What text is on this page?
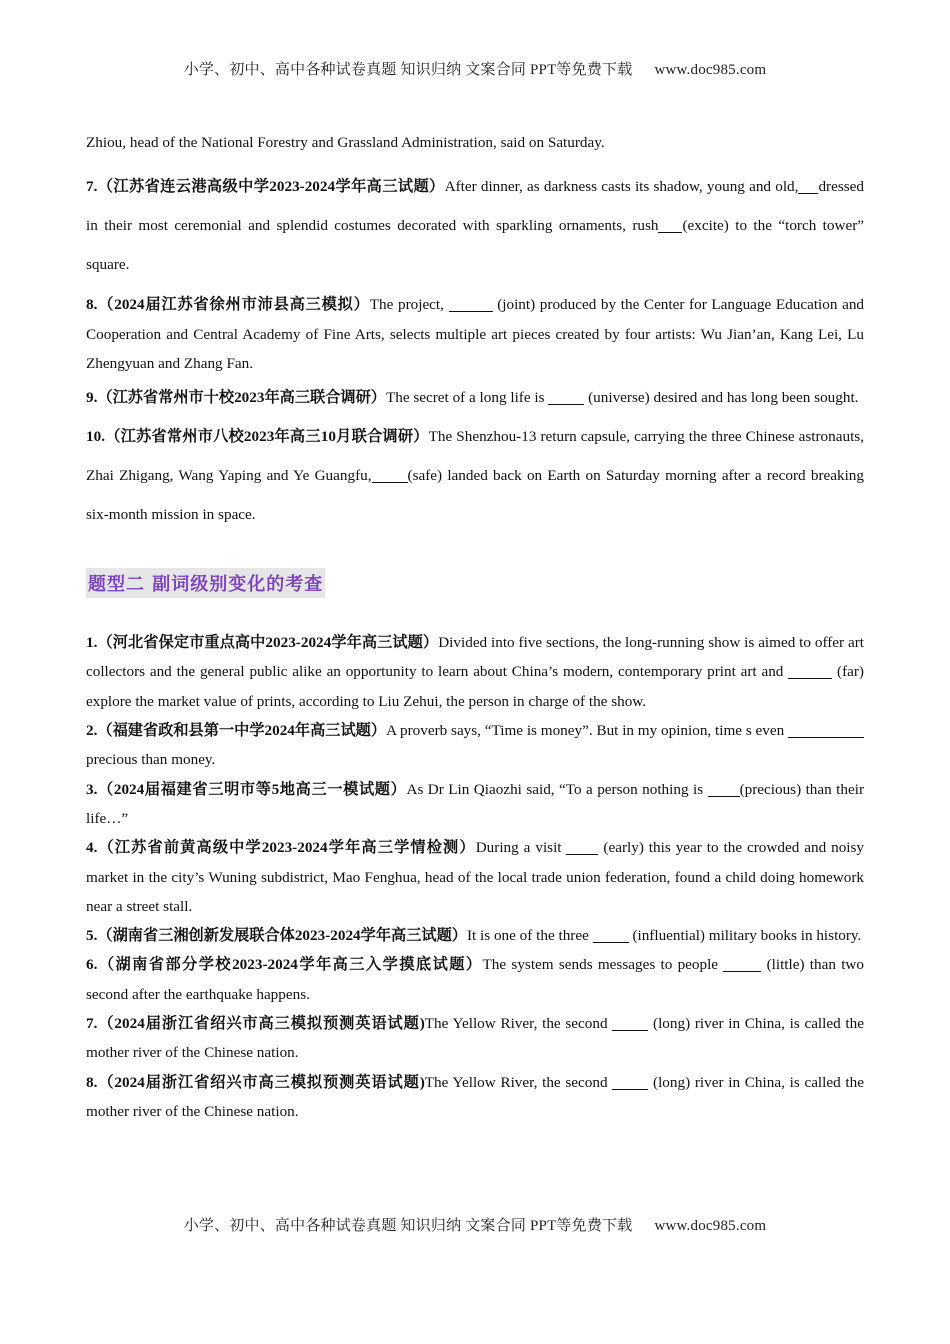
小学、初中、高中各种试卷真题 知识归纳 文案合同 PPT等免费下载 www.doc985.com

Zhiou, head of the National Forestry and Grassland Administration, said on Saturday.

7.（江苏省连云港高级中学2023-2024学年高三试题）After dinner, as darkness casts its shadow, young and old, dressed in their most ceremonial and splendid costumes decorated with sparkling ornaments, rush (excite) to the “torch tower” square.

8.（2024届江苏省徐州市沛县高三模拟）The project,	(joint) produced by the Center for Language Education and Cooperation and Central Academy of Fine Arts, selects multiple art pieces created by four artists: Wu Jian’an, Kang Lei, Lu Zhengyuan and Zhang Fan.

9.（江苏省常州市十校2023年高三联合调研）The secret of a long life is  (universe) desired and has long been sought.

10.（江苏省常州市八校2023年高三10月联合调研）The Shenzhou-13 return capsule, carrying the three Chinese astronauts, Zhai Zhigang, Wang Yaping and Ye Guangfu, (safe) landed back on Earth on Saturday morning after a record breaking six-month mission in space.

题型二 副词级别变化的考查

1.（河北省保定市重点高中2023-2024学年高三试题）Divided into five sections, the long-running show is aimed to offer art collectors and the general public alike an opportunity to learn about China’s modern, contemporary print art and	(far) explore the market value of prints, according to Liu Zehui, the person in charge of the show.

2.（福建省政和县第一中学2024年高三试题）A proverb says, “Time is money”. But in my opinion, time s even precious than money.

3.（2024届福建省三明市等5地高三一模试题）As Dr Lin Qiaozhi said, “To a person nothing is (precious) than their life…”

4.（江苏省前黄高级中学2023-2024学年高三学情检测）During a visit  (early) this year to the crowded and noisy market in the city’s Wuning subdistrict, Mao Fenghua, head of the local trade union federation, found a child doing homework near a street stall.

5.（湖南省三湘创新发展联合体2023-2024学年高三试题）It is one of the three  (influential) military books in history.

6.（湖南省部分学校2023-2024学年高三入学摸底试题）The system sends messages to people	(little) than two second after the earthquake happens.

7.（2024届浙江省绍兴市高三模拟预测英语试题)The Yellow River, the second  (long) river in China, is called the mother river of the Chinese nation.

8.（2024届浙江省绍兴市高三模拟预测英语试题)The Yellow River, the second  (long) river in China, is called the mother river of the Chinese nation.

小学、初中、高中各种试卷真题 知识归纳 文案合同 PPT等免费下载 www.doc985.com
